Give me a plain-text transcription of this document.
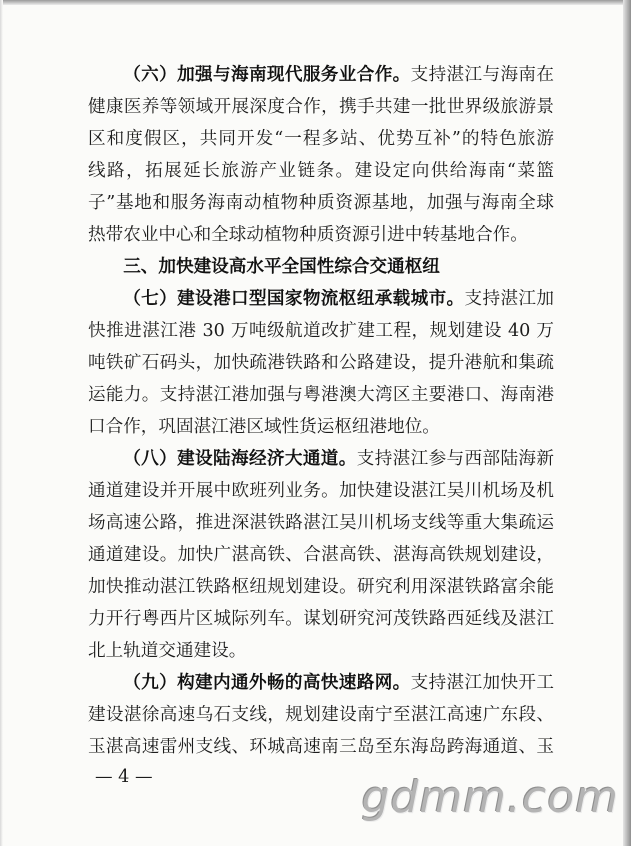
（六）加强与海南现代服务业合作。支持湛江与海南在
健康医养等领域开展深度合作，携手共建一批世界级旅游景
区和度假区，共同开发“一程多站、优势互补”的特色旅游
线路，拓展延长旅游产业链条。建设定向供给海南“菜篮
子”基地和服务海南动植物种质资源基地，加强与海南全球
热带农业中心和全球动植物种质资源引进中转基地合作。
三、加快建设高水平全国性综合交通枢纽
（七）建设港口型国家物流枢纽承载城市。支持湛江加
快推进湛江港 30 万吨级航道改扩建工程，规划建设 40 万
吨铁矿石码头，加快疏港铁路和公路建设，提升港航和集疏
运能力。支持湛江港加强与粤港澳大湾区主要港口、海南港
口合作，巩固湛江港区域性货运枢纽港地位。
（八）建设陆海经济大通道。支持湛江参与西部陆海新
通道建设并开展中欧班列业务。加快建设湛江吴川机场及机
场高速公路，推进深湛铁路湛江吴川机场支线等重大集疏运
通道建设。加快广湛高铁、合湛高铁、湛海高铁规划建设，
加快推动湛江铁路枢纽规划建设。研究利用深湛铁路富余能
力开行粤西片区城际列车。谋划研究河茂铁路西延线及湛江
北上轨道交通建设。
（九）构建内通外畅的高快速路网。支持湛江加快开工
建设湛徐高速乌石支线，规划建设南宁至湛江高速广东段、
玉湛高速雷州支线、环城高速南三岛至东海岛跨海通道、玉
— 4 —	gdmm.com
